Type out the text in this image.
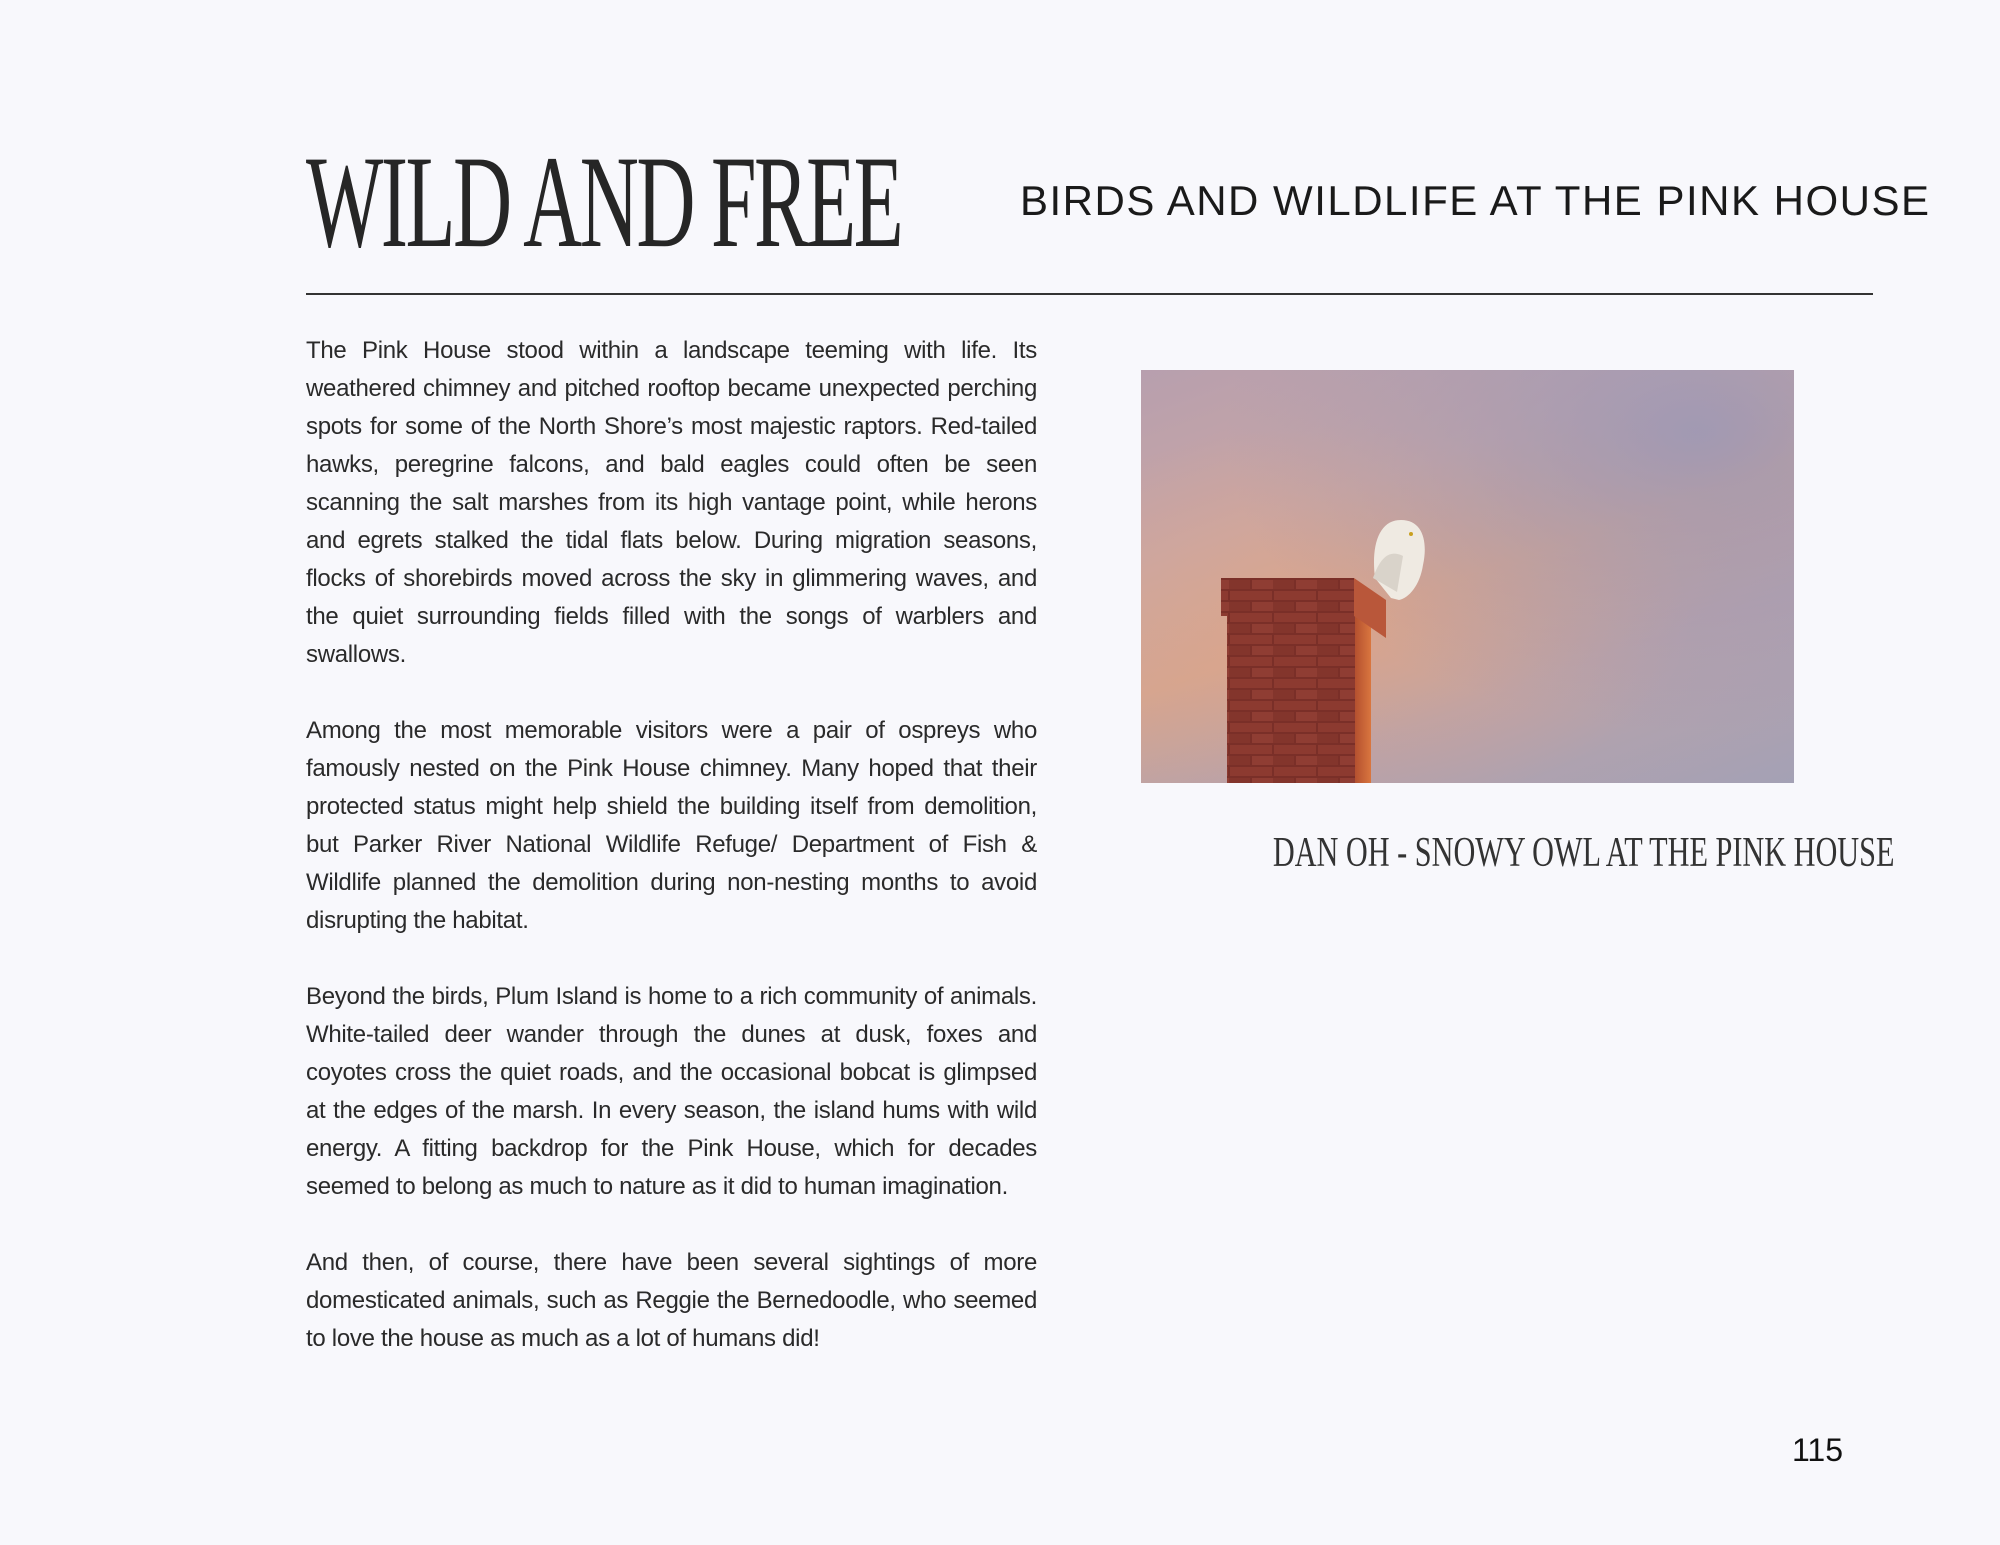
WILD AND FREE	BIRDS AND WILDLIFE AT THE PINK HOUSE

The Pink House stood within a landscape teeming with life. Its weathered chimney and pitched rooftop became unexpected perching spots for some of the North Shore’s most majestic raptors. Red-tailed hawks, peregrine falcons, and bald eagles could often be seen scanning the salt marshes from its high vantage point, while herons and egrets stalked the tidal flats below. During migration seasons, flocks of shorebirds moved across the sky in glimmering waves, and the quiet surrounding fields filled with the songs of warblers and swallows.

Among the most memorable visitors were a pair of ospreys who famously nested on the Pink House chimney. Many hoped that their protected status might help shield the building itself from demolition, but Parker River National Wildlife Refuge/ Department of Fish & Wildlife planned the demolition during non-nesting months to avoid disrupting the habitat.

Beyond the birds, Plum Island is home to a rich community of animals. White-tailed deer wander through the dunes at dusk, foxes and coyotes cross the quiet roads, and the occasional bobcat is glimpsed at the edges of the marsh. In every season, the island hums with wild energy. A fitting backdrop for the Pink House, which for decades seemed to belong as much to nature as it did to human imagination.

And then, of course, there have been several sightings of more domesticated animals, such as Reggie the Bernedoodle, who seemed to love the house as much as a lot of humans did!

DAN OH - SNOWY OWL AT THE PINK HOUSE
115
